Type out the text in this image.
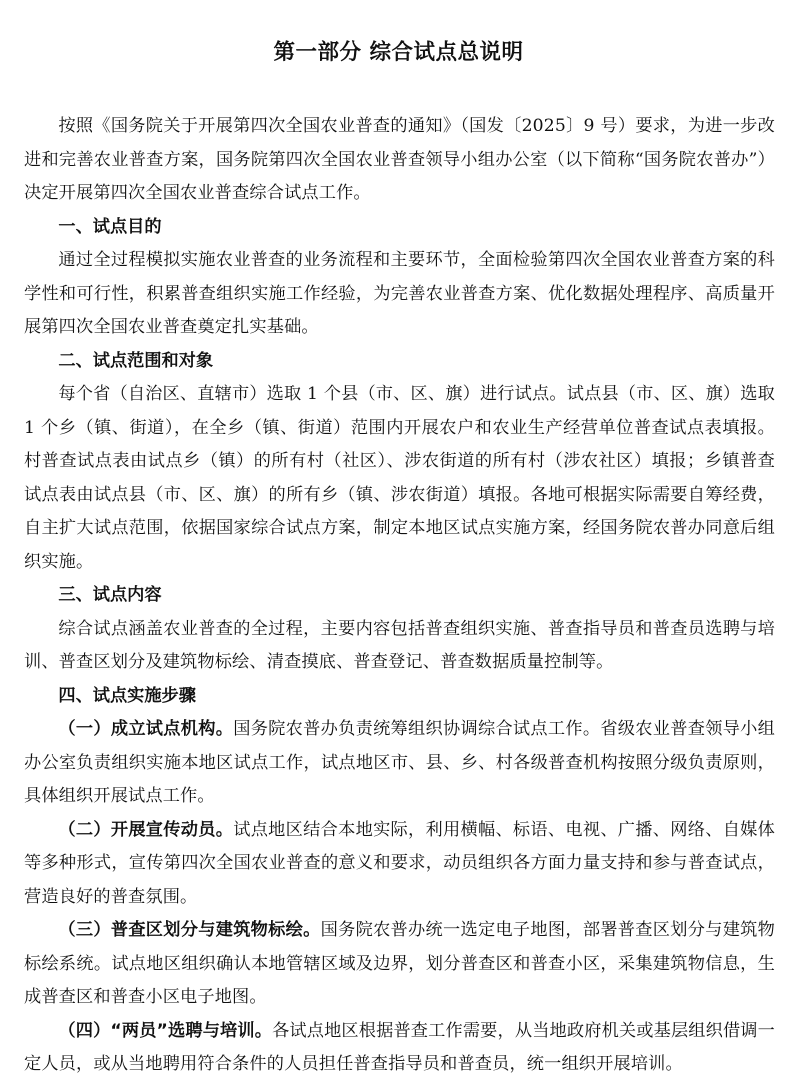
第一部分 综合试点总说明

按照《国务院关于开展第四次全国农业普查的通知》（国发〔2025〕9 号）要求，为进一步改进和完善农业普查方案，国务院第四次全国农业普查领导小组办公室（以下简称“国务院农普办”）决定开展第四次全国农业普查综合试点工作。

一、试点目的

通过全过程模拟实施农业普查的业务流程和主要环节，全面检验第四次全国农业普查方案的科学性和可行性，积累普查组织实施工作经验，为完善农业普查方案、优化数据处理程序、高质量开展第四次全国农业普查奠定扎实基础。

二、试点范围和对象

每个省（自治区、直辖市）选取 1 个县（市、区、旗）进行试点。试点县（市、区、旗）选取 1 个乡（镇、街道），在全乡（镇、街道）范围内开展农户和农业生产经营单位普查试点表填报。村普查试点表由试点乡（镇）的所有村（社区）、涉农街道的所有村（涉农社区）填报；乡镇普查试点表由试点县（市、区、旗）的所有乡（镇、涉农街道）填报。各地可根据实际需要自筹经费，自主扩大试点范围，依据国家综合试点方案，制定本地区试点实施方案，经国务院农普办同意后组织实施。

三、试点内容

综合试点涵盖农业普查的全过程，主要内容包括普查组织实施、普查指导员和普查员选聘与培训、普查区划分及建筑物标绘、清查摸底、普查登记、普查数据质量控制等。

四、试点实施步骤

（一）成立试点机构。国务院农普办负责统筹组织协调综合试点工作。省级农业普查领导小组办公室负责组织实施本地区试点工作，试点地区市、县、乡、村各级普查机构按照分级负责原则，具体组织开展试点工作。

（二）开展宣传动员。试点地区结合本地实际，利用横幅、标语、电视、广播、网络、自媒体等多种形式，宣传第四次全国农业普查的意义和要求，动员组织各方面力量支持和参与普查试点，营造良好的普查氛围。

（三）普查区划分与建筑物标绘。国务院农普办统一选定电子地图，部署普查区划分与建筑物标绘系统。试点地区组织确认本地管辖区域及边界，划分普查区和普查小区，采集建筑物信息，生成普查区和普查小区电子地图。

（四）“两员”选聘与培训。各试点地区根据普查工作需要，从当地政府机关或基层组织借调一定人员，或从当地聘用符合条件的人员担任普查指导员和普查员，统一组织开展培训。
